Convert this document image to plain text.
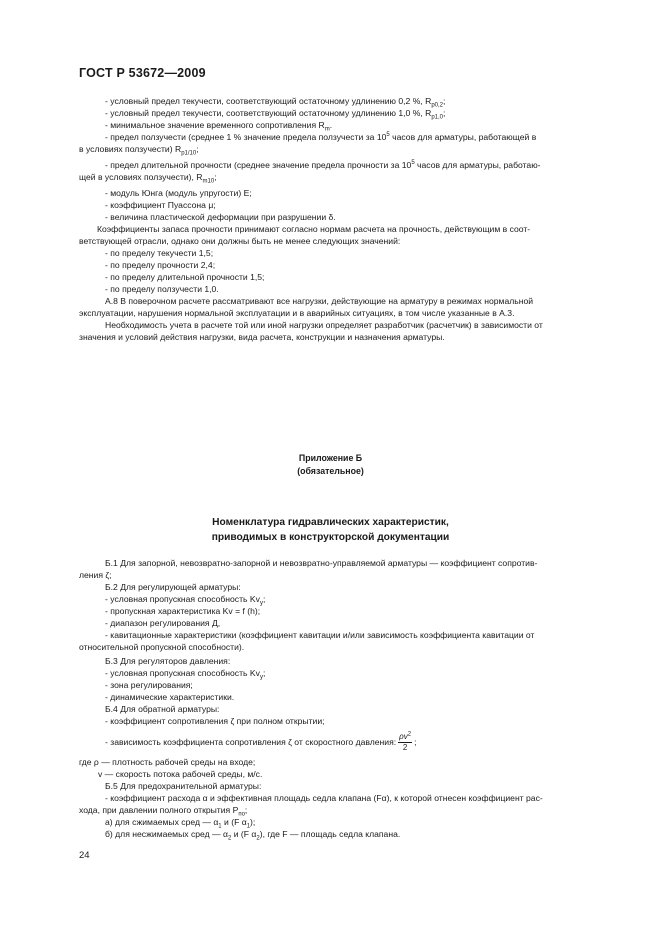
ГОСТ Р 53672—2009
- условный предел текучести, соответствующий остаточному удлинению 0,2 %, $R_{p0,2}$;
- условный предел текучести, соответствующий остаточному удлинению 1,0 %, $R_{p1,0}$;
- минимальное значение временного сопротивления $R_m$.
- предел ползучести (среднее 1 % значение предела ползучести за $10^5$ часов для арматуры, работающей в
в условиях ползучести) $R_{p1/10}$;
- предел длительной прочности (среднее значение предела прочности за $10^5$ часов для арматуры, работаю-
щей в условиях ползучести), $R_{m10}$;
- модуль Юнга (модуль упругости) E;
- коэффициент Пуассона μ;
- величина пластической деформации при разрушении δ.
Коэффициенты запаса прочности принимают согласно нормам расчета на прочность, действующим в соот-
ветствующей отрасли, однако они должны быть не менее следующих значений:
- по пределу текучести 1,5;
- по пределу прочности 2,4;
- по пределу длительной прочности 1,5;
- по пределу ползучести 1,0.
А.8 В поверочном расчете рассматривают все нагрузки, действующие на арматуру в режимах нормальной
эксплуатации, нарушения нормальной эксплуатации и в аварийных ситуациях, в том числе указанные в А.3.
Необходимость учета в расчете той или иной нагрузки определяет разработчик (расчетчик) в зависимости от
значения и условий действия нагрузки, вида расчета, конструкции и назначения арматуры.
Приложение Б
(обязательное)
Номенклатура гидравлических характеристик,
приводимых в конструкторской документации
Б.1 Для запорной, невозвратно-запорной и невозвратно-управляемой арматуры — коэффициент сопротив-
ления ζ;
Б.2 Для регулирующей арматуры:
- условная пропускная способность $Kv_y$;
- пропускная характеристика Kv = f (h);
- диапазон регулирования Д,
- кавитационные характеристики (коэффициент кавитации и/или зависимость коэффициента кавитации от
относительной пропускной способности).
Б.3 Для регуляторов давления:
- условная пропускная способность $Kv_y$;
- зона регулирования;
- динамические характеристики.
Б.4 Для обратной арматуры:
- коэффициент сопротивления ζ при полном открытии;
- зависимость коэффициента сопротивления ζ от скоростного давления: $\frac{\rho v^2}{2}$ ;
где ρ — плотность рабочей среды на входе;
v — скорость потока рабочей среды, м/с.
Б.5 Для предохранительной арматуры:
- коэффициент расхода α и эффективная площадь седла клапана (Fα), к которой отнесен коэффициент рас-
хода, при давлении полного открытия $P_{по}$;
а) для сжимаемых сред — $\alpha_1$ и (F $\alpha_1$);
б) для несжимаемых сред — $\alpha_2$ и (F $\alpha_2$), где F — площадь седла клапана.
24
